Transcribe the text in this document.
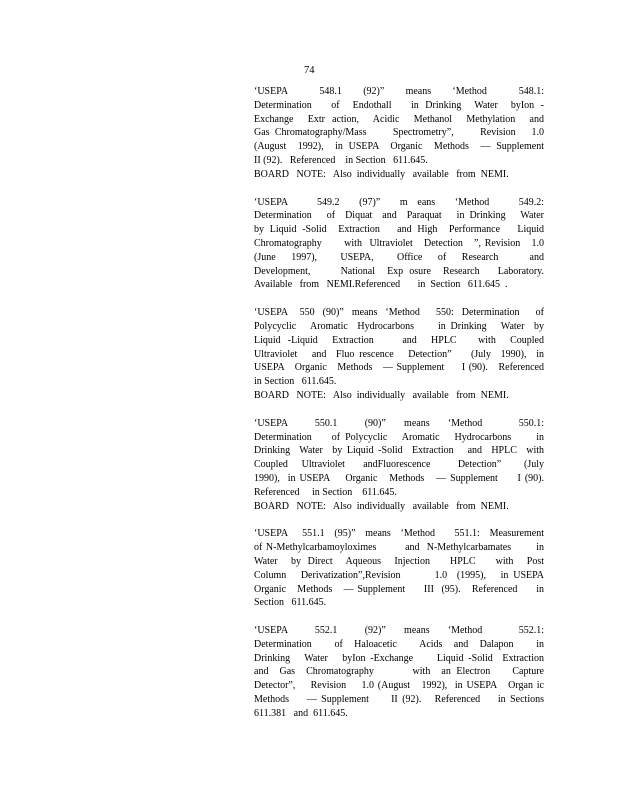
74
‘USEPA   548.1  (92)”  means  ‘Method   548.1:
Determination   of  Endothall   in Drinking  Water  byIon -
Exchange  Extr action,  Acidic  Methanol  Methylation  and
Gas Chromatography/Mass     Spectrometry”,     Revision   1.0
(August  1992),  in USEPA  Organic  Methods  — Supplement
II (92).   Referenced    in Section   611.645.
BOARD   NOTE:   Also  individually   available   from  NEMI.
‘USEPA   549.2  (97)”  m eans  ‘Method   549.2:
Determination   of  Diquat  and  Paraquat   in Drinking   Water
by Liquid -Solid  Extraction   and High  Performance   Liquid
Chromatography      with  Ultraviolet   Detection   ”, Revision   1.0
(June  1997),   USEPA,   Office  of  Research    and
Development,     National  Exp osure  Research   Laboratory.
Available   from   NEMI.Referenced       in  Section   611.645  .
‘USEPA   550  (90)”  means  ‘Method    550:  Determination    of
Polycyclic   Aromatic  Hydrocarbons     in Drinking   Water  by
Liquid -Liquid  Extraction    and  HPLC   with  Coupled
Ultraviolet   and  Fluo rescence   Detection”    (July  1990),  in
USEPA   Organic   Methods   — Supplement     I (90).   Referenced
in Section   611.645.
BOARD   NOTE:   Also  individually   available   from  NEMI.
‘USEPA   550.1   (90)”  means  ‘Method    550.1:
Determination    of Polycyclic   Aromatic   Hydrocarbons     in
Drinking  Water  by Liquid -Solid  Extraction   and  HPLC  with
Coupled   Ultraviolet    andFluorescence      Detection”     (July
1990),  in USEPA    Organic   Methods   — Supplement     I (90).
Referenced     in Section    611.645.
BOARD   NOTE:   Also  individually   available   from  NEMI.
‘USEPA   551.1  (95)”  means  ‘Method    551.1:  Measurement
of N-Methylcarbamoyloximes        and  N-Methylcarbamates       in
Water  by Direct  Aqueous  Injection   HPLC   with  Post
Column   Derivatization”,Revision       1.0  (1995),   in USEPA
Organic   Methods   — Supplement     III  (95).   Referenced     in
Section   611.645.
‘USEPA   552.1   (92)”  means  ‘Method    552.1:
Determination    of  Haloacetic    Acids  and  Dalapon    in
Drinking   Water   byIon -Exchange     Liquid -Solid  Extraction
and  Gas  Chromatography       with  an Electron    Capture
Detector”,    Revision    1.0 (August   1992),  in USEPA   Organ ic
Methods    — Supplement     II (92).   Referenced    in Sections
611.381   and  611.645.
